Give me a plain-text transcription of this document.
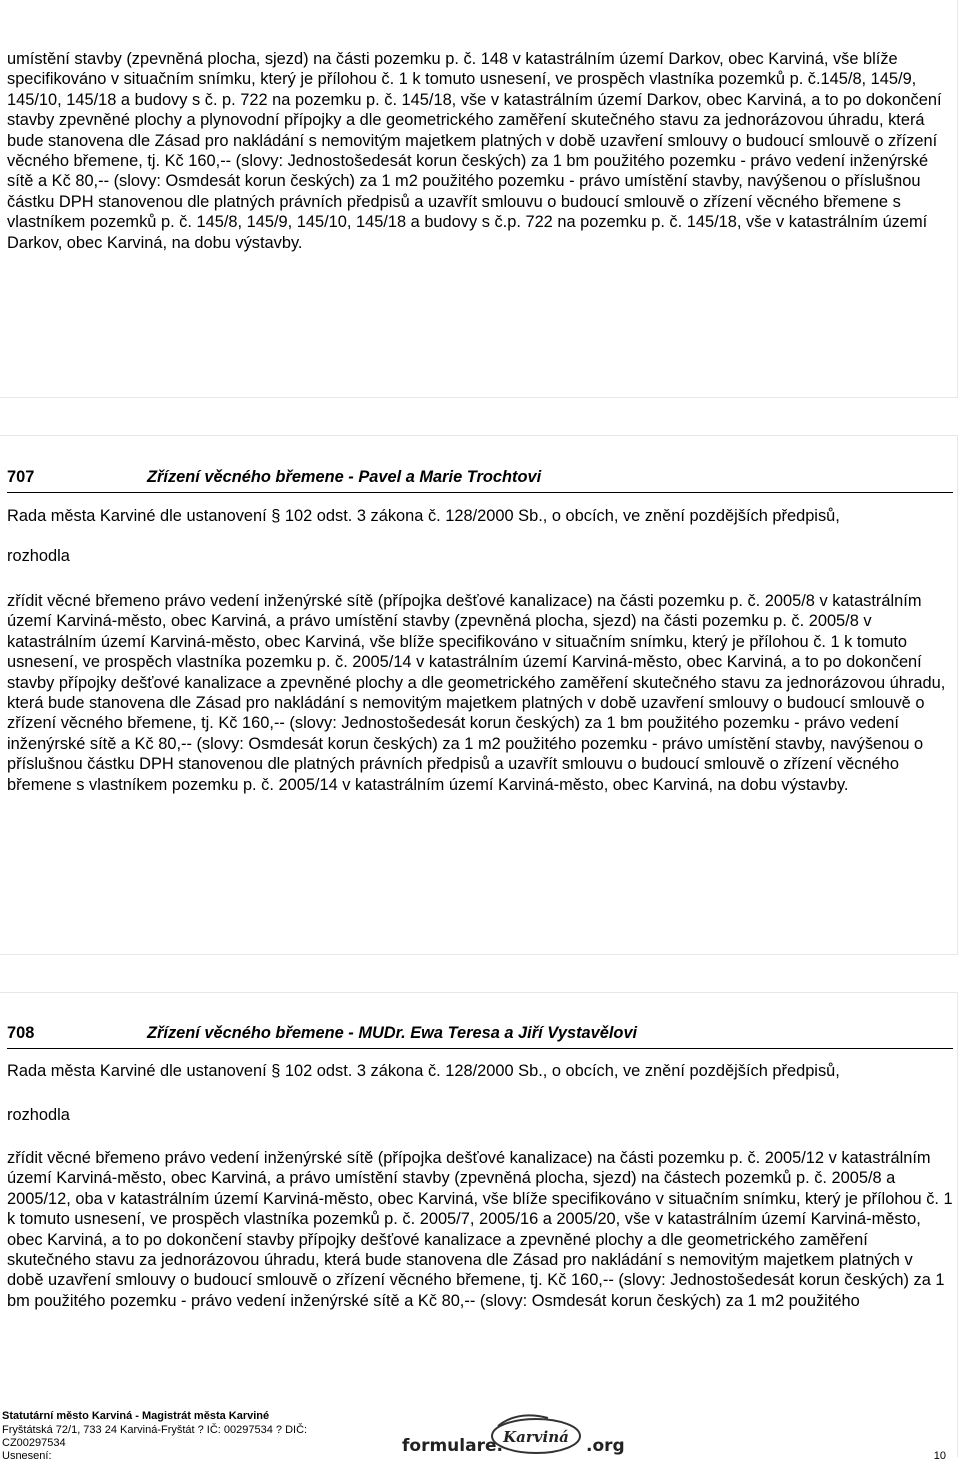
umístění stavby (zpevněná plocha, sjezd) na části pozemku p. č. 148 v katastrálním území Darkov, obec Karviná, vše blíže specifikováno v situačním snímku, který je přílohou č. 1 k tomuto usnesení, ve prospěch vlastníka pozemků p. č.145/8, 145/9, 145/10, 145/18 a budovy s č. p. 722 na pozemku p. č. 145/18, vše v katastrálním území Darkov, obec Karviná, a to po dokončení stavby zpevněné plochy a plynovodní přípojky a dle geometrického zaměření skutečného stavu za jednorázovou úhradu, která bude stanovena dle Zásad pro nakládání s nemovitým majetkem platných v době uzavření smlouvy o budoucí smlouvě o zřízení věcného břemene, tj. Kč 160,-- (slovy: Jednostošedesát korun českých) za 1 bm použitého pozemku - právo vedení inženýrské sítě a Kč 80,-- (slovy: Osmdesát korun českých) za 1 m2 použitého pozemku - právo umístění stavby, navýšenou o příslušnou částku DPH stanovenou dle platných právních předpisů a uzavřít smlouvu o budoucí smlouvě o zřízení věcného břemene s vlastníkem pozemků p. č. 145/8, 145/9, 145/10, 145/18 a budovy s č.p. 722 na pozemku p. č. 145/18, vše v katastrálním území Darkov, obec Karviná, na dobu výstavby.

707	Zřízení věcného břemene - Pavel a Marie Trochtovi
Rada města Karviné dle ustanovení § 102 odst. 3 zákona č. 128/2000 Sb., o obcích, ve znění pozdějších předpisů,
rozhodla

zřídit věcné břemeno právo vedení inženýrské sítě (přípojka dešťové kanalizace) na části pozemku p. č. 2005/8 v katastrálním území Karviná-město, obec Karviná, a právo umístění stavby (zpevněná plocha, sjezd) na části pozemku p. č. 2005/8 v katastrálním území Karviná-město, obec Karviná, vše blíže specifikováno v situačním snímku, který je přílohou č. 1 k tomuto usnesení, ve prospěch vlastníka pozemku p. č. 2005/14 v katastrálním území Karviná-město, obec Karviná, a to po dokončení stavby přípojky dešťové kanalizace a zpevněné plochy a dle geometrického zaměření skutečného stavu za jednorázovou úhradu, která bude stanovena dle Zásad pro nakládání s nemovitým majetkem platných v době uzavření smlouvy o budoucí smlouvě o zřízení věcného břemene, tj. Kč 160,-- (slovy: Jednostošedesát korun českých) za 1 bm použitého pozemku - právo vedení inženýrské sítě a Kč 80,-- (slovy: Osmdesát korun českých) za 1 m2 použitého pozemku - právo umístění stavby, navýšenou o příslušnou částku DPH stanovenou dle platných právních předpisů a uzavřít smlouvu o budoucí smlouvě o zřízení věcného břemene s vlastníkem pozemku p. č. 2005/14 v katastrálním území Karviná-město, obec Karviná, na dobu výstavby.

708	Zřízení věcného břemene - MUDr. Ewa Teresa a Jiří Vystavělovi
Rada města Karviné dle ustanovení § 102 odst. 3 zákona č. 128/2000 Sb., o obcích, ve znění pozdějších předpisů,
rozhodla

zřídit věcné břemeno právo vedení inženýrské sítě (přípojka dešťové kanalizace) na části pozemku p. č. 2005/12 v katastrálním území Karviná-město, obec Karviná, a právo umístění stavby (zpevněná plocha, sjezd) na částech pozemků p. č. 2005/8 a 2005/12, oba v katastrálním území Karviná-město, obec Karviná, vše blíže specifikováno v situačním snímku, který je přílohou č. 1 k tomuto usnesení, ve prospěch vlastníka pozemků p. č. 2005/7, 2005/16 a 2005/20, vše v katastrálním území Karviná-město, obec Karviná, a to po dokončení stavby přípojky dešťové kanalizace a zpevněné plochy a dle geometrického zaměření skutečného stavu za jednorázovou úhradu, která bude stanovena dle Zásad pro nakládání s nemovitým majetkem platných v době uzavření smlouvy o budoucí smlouvě o zřízení věcného břemene, tj. Kč 160,-- (slovy: Jednostošedesát korun českých) za 1 bm použitého pozemku - právo vedení inženýrské sítě a Kč 80,-- (slovy: Osmdesát korun českých) za 1 m2 použitého

Statutární město Karviná - Magistrát města Karviné
Fryštátská 72/1, 733 24 Karviná-Fryštát ? IČ: 00297534 ? DIČ:
CZ00297534
Usnesení:	formulare. Karviná .org	10
